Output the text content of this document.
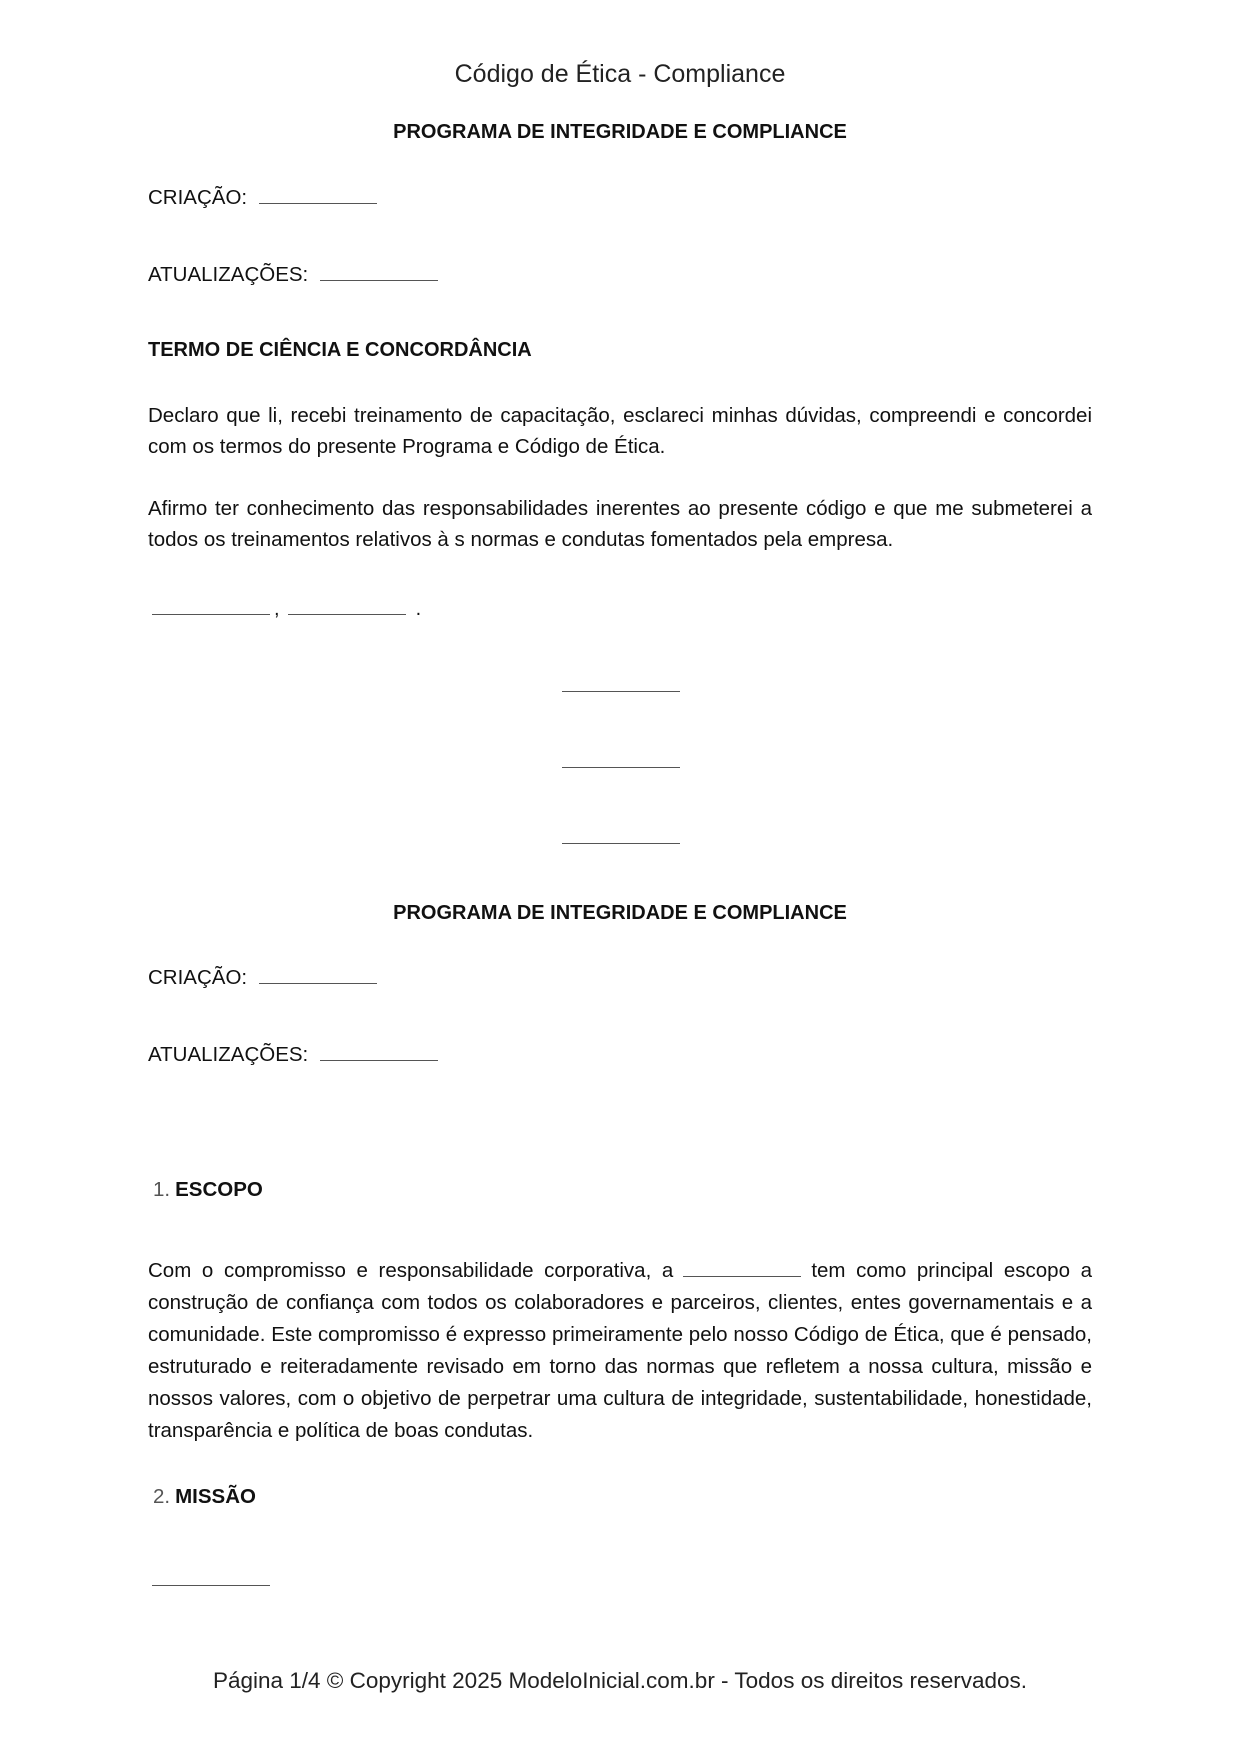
Código de Ética - Compliance
PROGRAMA DE INTEGRIDADE E COMPLIANCE
CRIAÇÃO:
ATUALIZAÇÕES:
TERMO DE CIÊNCIA E CONCORDÂNCIA
Declaro que li, recebi treinamento de capacitação, esclareci minhas dúvidas, compreendi e concordei com os termos do presente Programa e Código de Ética.
Afirmo ter conhecimento das responsabilidades inerentes ao presente código e que me submeterei a todos os treinamentos relativos à s normas e condutas fomentados pela empresa.
,	.
PROGRAMA DE INTEGRIDADE E COMPLIANCE
CRIAÇÃO:
ATUALIZAÇÕES:
1. ESCOPO
Com o compromisso e responsabilidade corporativa, a	tem como principal escopo a construção de confiança com todos os colaboradores e parceiros, clientes, entes governamentais e a comunidade. Este compromisso é expresso primeiramente pelo nosso Código de Ética, que é pensado, estruturado e reiteradamente revisado em torno das normas que refletem a nossa cultura, missão e nossos valores, com o objetivo de perpetrar uma cultura de integridade, sustentabilidade, honestidade, transparência e política de boas condutas.
2. MISSÃO
Página 1/4 © Copyright 2025 ModeloInicial.com.br - Todos os direitos reservados.
